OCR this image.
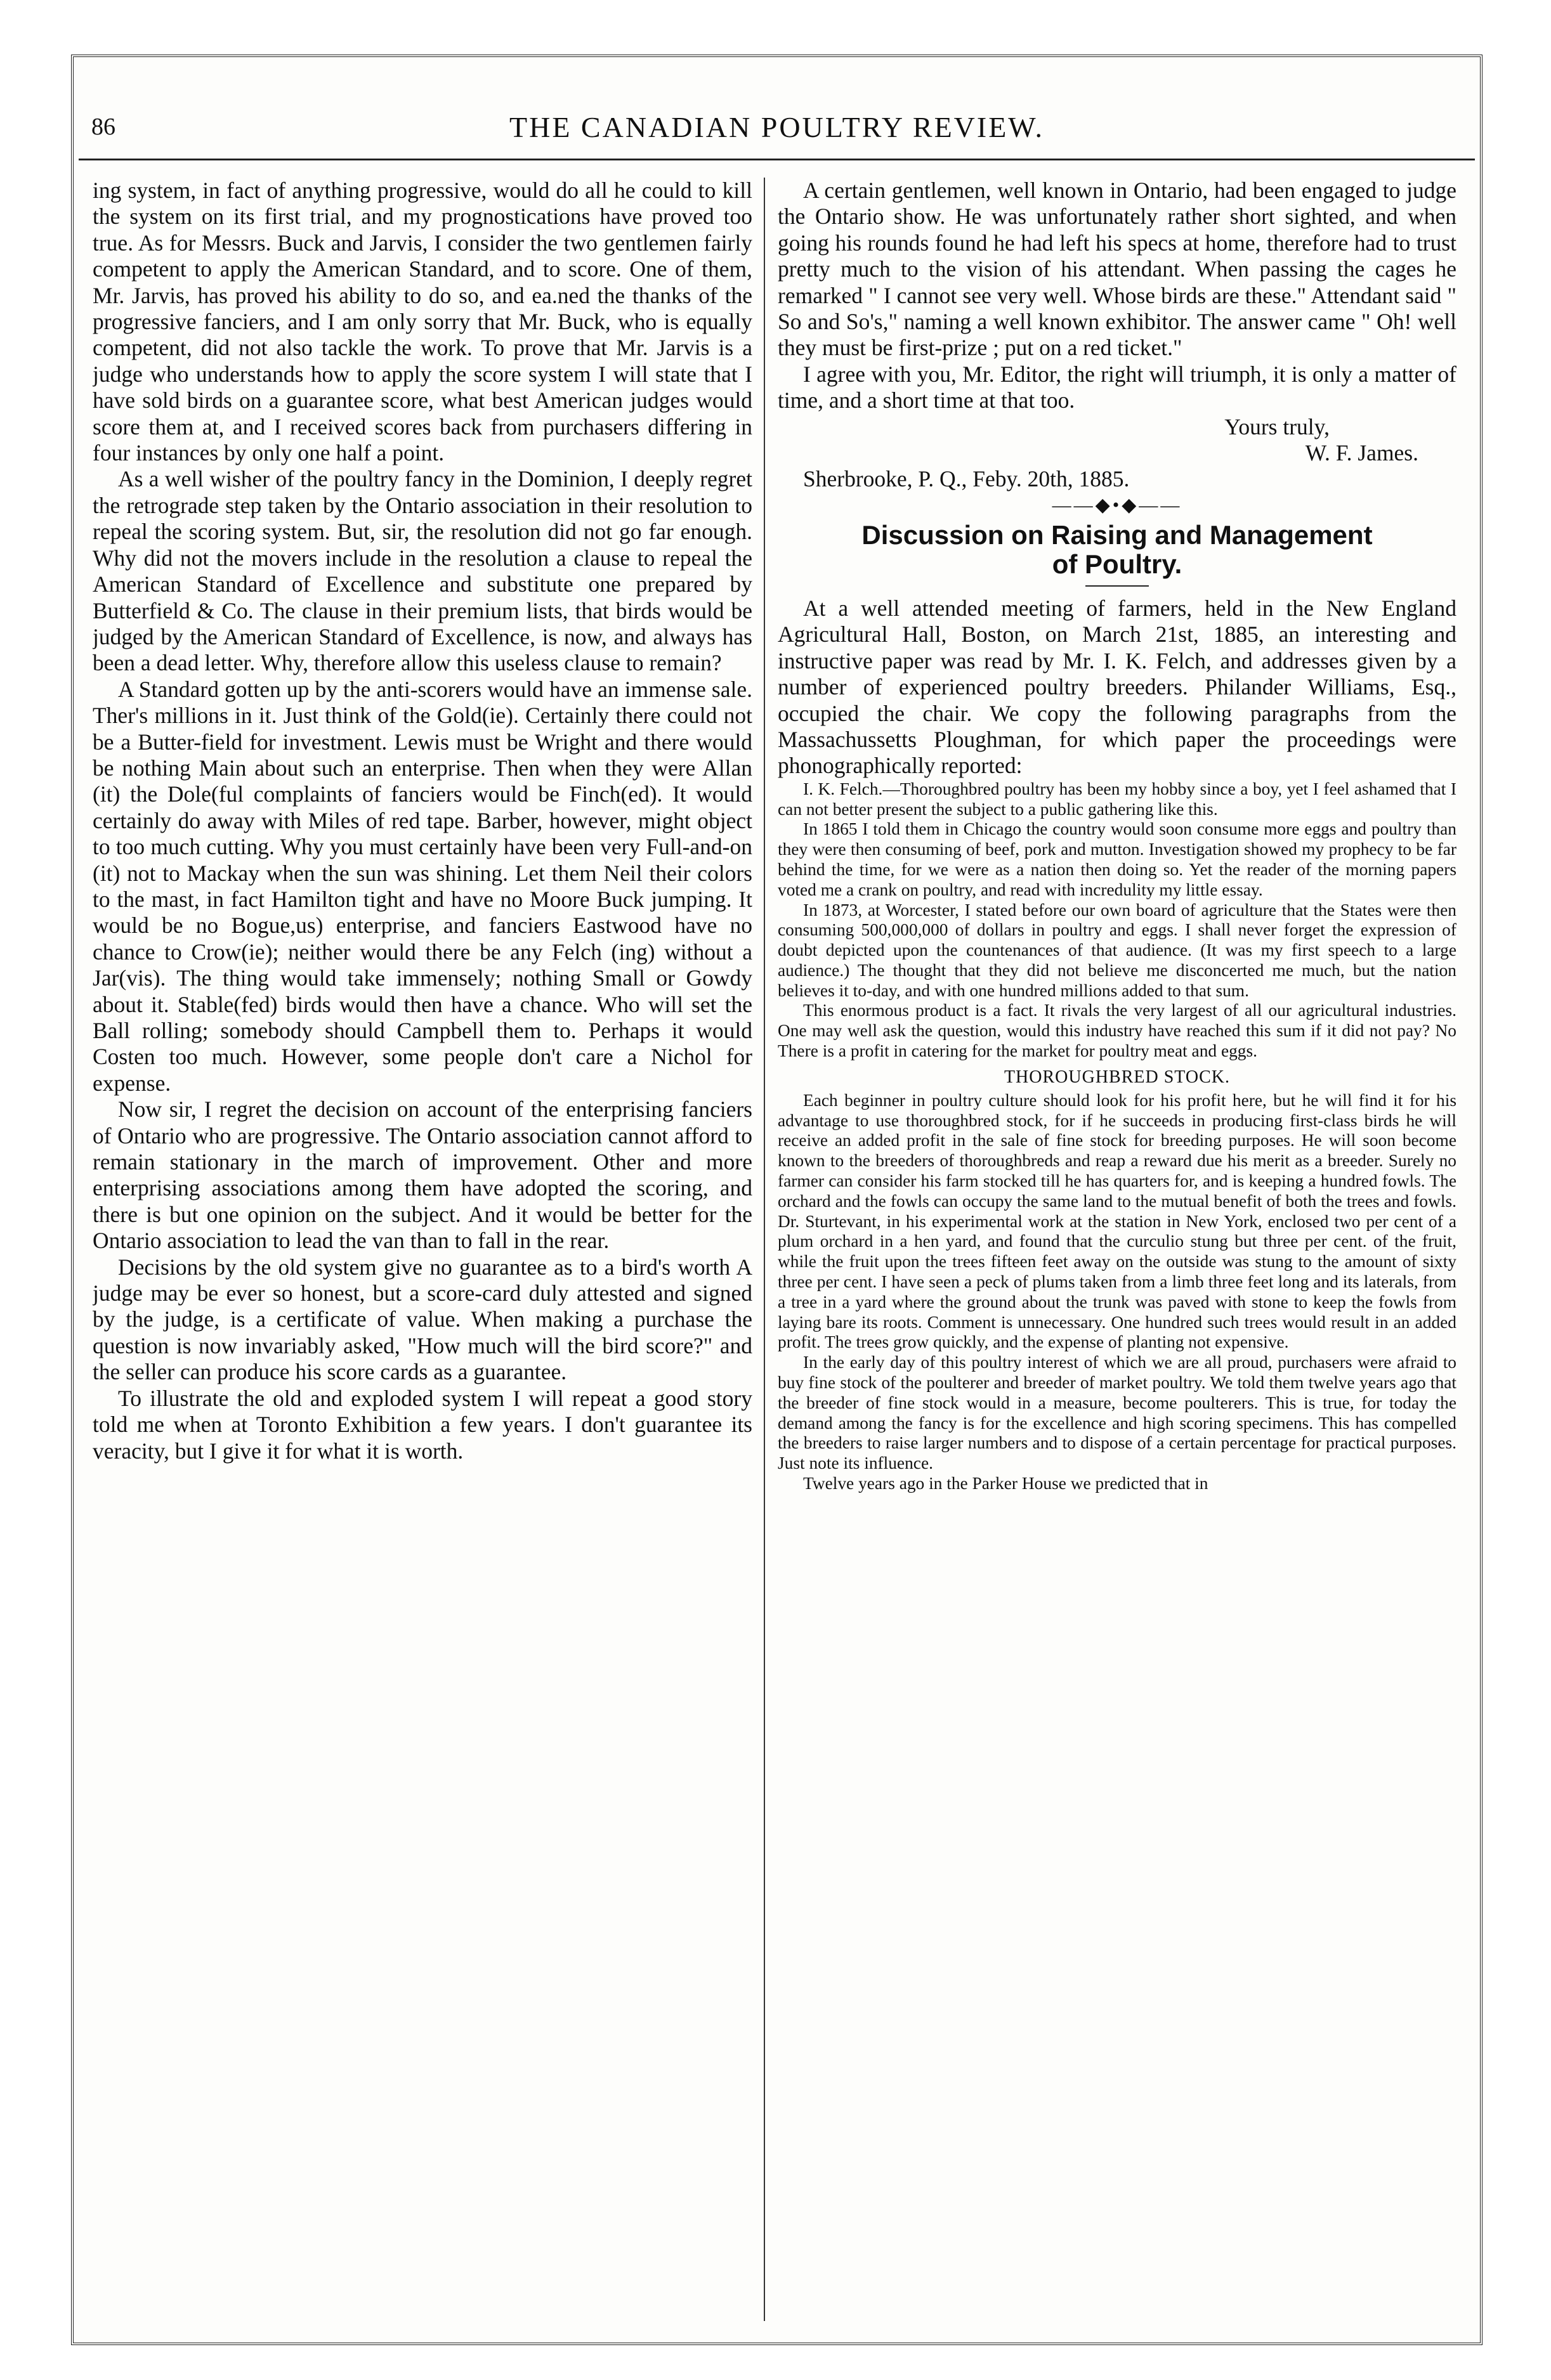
86	THE CANADIAN POULTRY REVIEW.

ing system, in fact of anything progressive, would do all he could to kill the system on its first trial, and my prognostications have proved too true. As for Messrs. Buck and Jarvis, I consider the two gentlemen fairly competent to apply the American Standard, and to score. One of them, Mr. Jarvis, has proved his ability to do so, and ea.ned the thanks of the progressive fanciers, and I am only sorry that Mr. Buck, who is equally competent, did not also tackle the work. To prove that Mr. Jarvis is a judge who understands how to apply the score system I will state that I have sold birds on a guarantee score, what best American judges would score them at, and I received scores back from purchasers differing in four instances by only one half a point.

As a well wisher of the poultry fancy in the Dominion, I deeply regret the retrograde step taken by the Ontario association in their resolution to repeal the scoring system. But, sir, the resolution did not go far enough. Why did not the movers include in the resolution a clause to repeal the American Standard of Excellence and substitute one prepared by Butterfield & Co. The clause in their premium lists, that birds would be judged by the American Standard of Excellence, is now, and always has been a dead letter. Why, therefore allow this useless clause to remain?

A Standard gotten up by the anti-scorers would have an immense sale. Ther's millions in it. Just think of the Gold(ie). Certainly there could not be a Butter-field for investment. Lewis must be Wright and there would be nothing Main about such an enterprise. Then when they were Allan (it) the Dole(ful complaints of fanciers would be Finch(ed). It would certainly do away with Miles of red tape. Barber, however, might object to too much cutting. Why you must certainly have been very Full-and-on (it) not to Mackay when the sun was shining. Let them Neil their colors to the mast, in fact Hamilton tight and have no Moore Buck jumping. It would be no Bogue,us) enterprise, and fanciers Eastwood have no chance to Crow(ie); neither would there be any Felch (ing) without a Jar(vis). The thing would take immensely; nothing Small or Gowdy about it. Stable(fed) birds would then have a chance. Who will set the Ball rolling; somebody should Campbell them to. Perhaps it would Costen too much. However, some people don't care a Nichol for expense.

Now sir, I regret the decision on account of the enterprising fanciers of Ontario who are progressive. The Ontario association cannot afford to remain stationary in the march of improvement. Other and more enterprising associations among them have adopted the scoring, and there is but one opinion on the subject. And it would be better for the Ontario association to lead the van than to fall in the rear.

Decisions by the old system give no guarantee as to a bird's worth A judge may be ever so honest, but a score-card duly attested and signed by the judge, is a certificate of value. When making a purchase the question is now invariably asked, "How much will the bird score?" and the seller can produce his score cards as a guarantee.

To illustrate the old and exploded system I will repeat a good story told me when at Toronto Exhibition a few years. I don't guarantee its veracity, but I give it for what it is worth.

A certain gentlemen, well known in Ontario, had been engaged to judge the Ontario show. He was unfortunately rather short sighted, and when going his rounds found he had left his specs at home, therefore had to trust pretty much to the vision of his attendant. When passing the cages he remarked " I cannot see very well. Whose birds are these." Attendant said " So and So's," naming a well known exhibitor. The answer came " Oh! well they must be first-prize ; put on a red ticket."

I agree with you, Mr. Editor, the right will triumph, it is only a matter of time, and a short time at that too.

Yours truly,

W. F. James.

Sherbrooke, P. Q., Feby. 20th, 1885.

——◆•◆——
Discussion on Raising and Management
of Poultry.

At a well attended meeting of farmers, held in the New England Agricultural Hall, Boston, on March 21st, 1885, an interesting and instructive paper was read by Mr. I. K. Felch, and addresses given by a number of experienced poultry breeders. Philander Williams, Esq., occupied the chair. We copy the following paragraphs from the Massachussetts Ploughman, for which paper the proceedings were phonographically reported:

I. K. Felch.—Thoroughbred poultry has been my hobby since a boy, yet I feel ashamed that I can not better present the subject to a public gathering like this.

In 1865 I told them in Chicago the country would soon consume more eggs and poultry than they were then consuming of beef, pork and mutton. Investigation showed my prophecy to be far behind the time, for we were as a nation then doing so. Yet the reader of the morning papers voted me a crank on poultry, and read with incredulity my little essay.

In 1873, at Worcester, I stated before our own board of agriculture that the States were then consuming 500,000,000 of dollars in poultry and eggs. I shall never forget the expression of doubt depicted upon the countenances of that audience. (It was my first speech to a large audience.) The thought that they did not believe me disconcerted me much, but the nation believes it to-day, and with one hundred millions added to that sum.

This enormous product is a fact. It rivals the very largest of all our agricultural industries. One may well ask the question, would this industry have reached this sum if it did not pay? No There is a profit in catering for the market for poultry meat and eggs.

THOROUGHBRED STOCK.

Each beginner in poultry culture should look for his profit here, but he will find it for his advantage to use thoroughbred stock, for if he succeeds in producing first-class birds he will receive an added profit in the sale of fine stock for breeding purposes. He will soon become known to the breeders of thoroughbreds and reap a reward due his merit as a breeder. Surely no farmer can consider his farm stocked till he has quarters for, and is keeping a hundred fowls. The orchard and the fowls can occupy the same land to the mutual benefit of both the trees and fowls. Dr. Sturtevant, in his experimental work at the station in New York, enclosed two per cent of a plum orchard in a hen yard, and found that the curculio stung but three per cent. of the fruit, while the fruit upon the trees fifteen feet away on the outside was stung to the amount of sixty three per cent. I have seen a peck of plums taken from a limb three feet long and its laterals, from a tree in a yard where the ground about the trunk was paved with stone to keep the fowls from laying bare its roots. Comment is unnecessary. One hundred such trees would result in an added profit. The trees grow quickly, and the expense of planting not expensive.

In the early day of this poultry interest of which we are all proud, purchasers were afraid to buy fine stock of the poulterer and breeder of market poultry. We told them twelve years ago that the breeder of fine stock would in a measure, become poulterers. This is true, for today the demand among the fancy is for the excellence and high scoring specimens. This has compelled the breeders to raise larger numbers and to dispose of a certain percentage for practical purposes. Just note its influence.

Twelve years ago in the Parker House we predicted that in
